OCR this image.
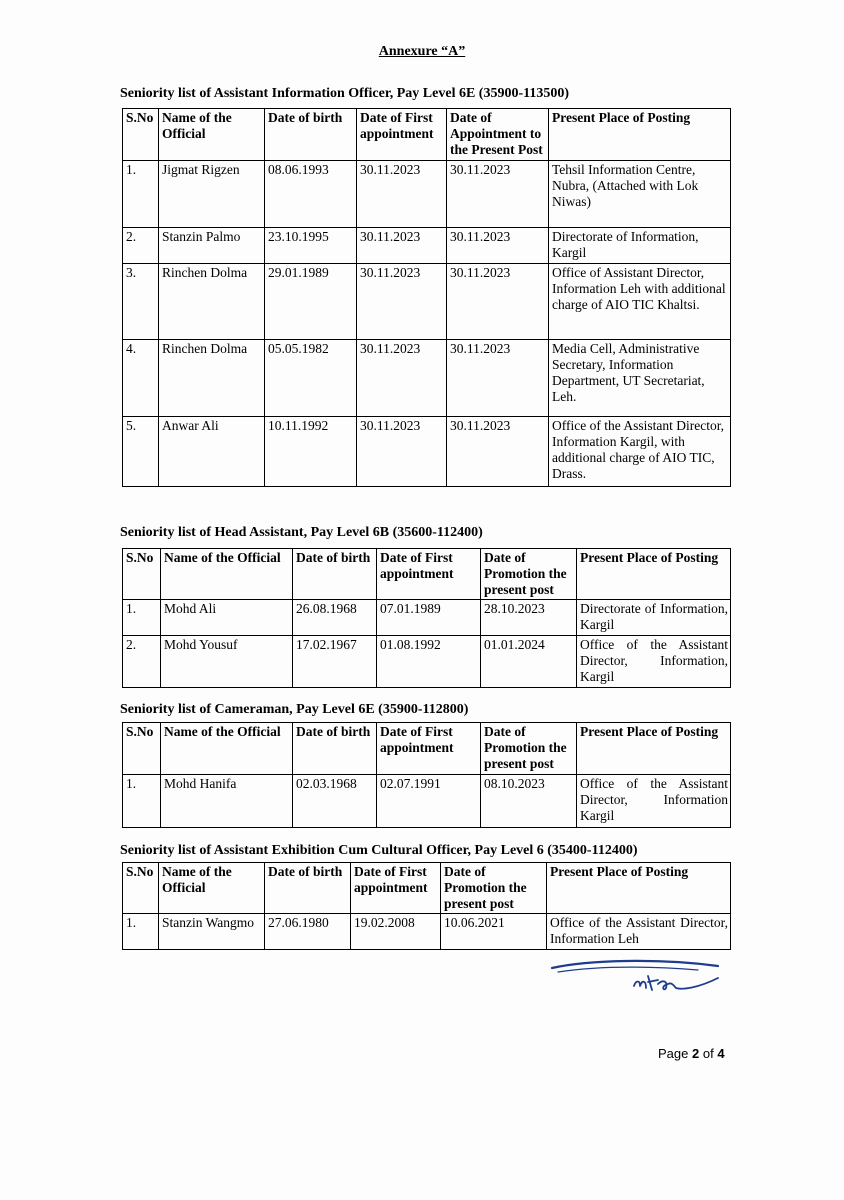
Annexure “A”
Seniority list of Assistant Information Officer, Pay Level 6E (35900-113500)
S.No	Name of the Official	Date of birth	Date of First appointment	Date of Appointment to the Present Post	Present Place of Posting
1.	Jigmat Rigzen	08.06.1993	30.11.2023	30.11.2023	Tehsil Information Centre, Nubra, (Attached with Lok Niwas)
2.	Stanzin Palmo	23.10.1995	30.11.2023	30.11.2023	Directorate of Information, Kargil
3.	Rinchen Dolma	29.01.1989	30.11.2023	30.11.2023	Office of Assistant Director, Information Leh with additional charge of AIO TIC Khaltsi.
4.	Rinchen Dolma	05.05.1982	30.11.2023	30.11.2023	Media Cell, Administrative Secretary, Information Department, UT Secretariat, Leh.
5.	Anwar Ali	10.11.1992	30.11.2023	30.11.2023	Office of the Assistant Director, Information Kargil, with additional charge of AIO TIC, Drass.
Seniority list of Head Assistant, Pay Level 6B (35600-112400)
S.No	Name of the Official	Date of birth	Date of First appointment	Date of Promotion the present post	Present Place of Posting
1.	Mohd Ali	26.08.1968	07.01.1989	28.10.2023	Directorate of Information, Kargil
2.	Mohd Yousuf	17.02.1967	01.08.1992	01.01.2024	Office of the Assistant Director, Information, Kargil
Seniority list of Cameraman, Pay Level 6E (35900-112800)
S.No	Name of the Official	Date of birth	Date of First appointment	Date of Promotion the present post	Present Place of Posting
1.	Mohd Hanifa	02.03.1968	02.07.1991	08.10.2023	Office of the Assistant Director, Information Kargil
Seniority list of Assistant Exhibition Cum Cultural Officer, Pay Level 6 (35400-112400)
S.No	Name of the Official	Date of birth	Date of First appointment	Date of Promotion the present post	Present Place of Posting
1.	Stanzin Wangmo	27.06.1980	19.02.2008	10.06.2021	Office of the Assistant Director, Information Leh
Page 2 of 4
